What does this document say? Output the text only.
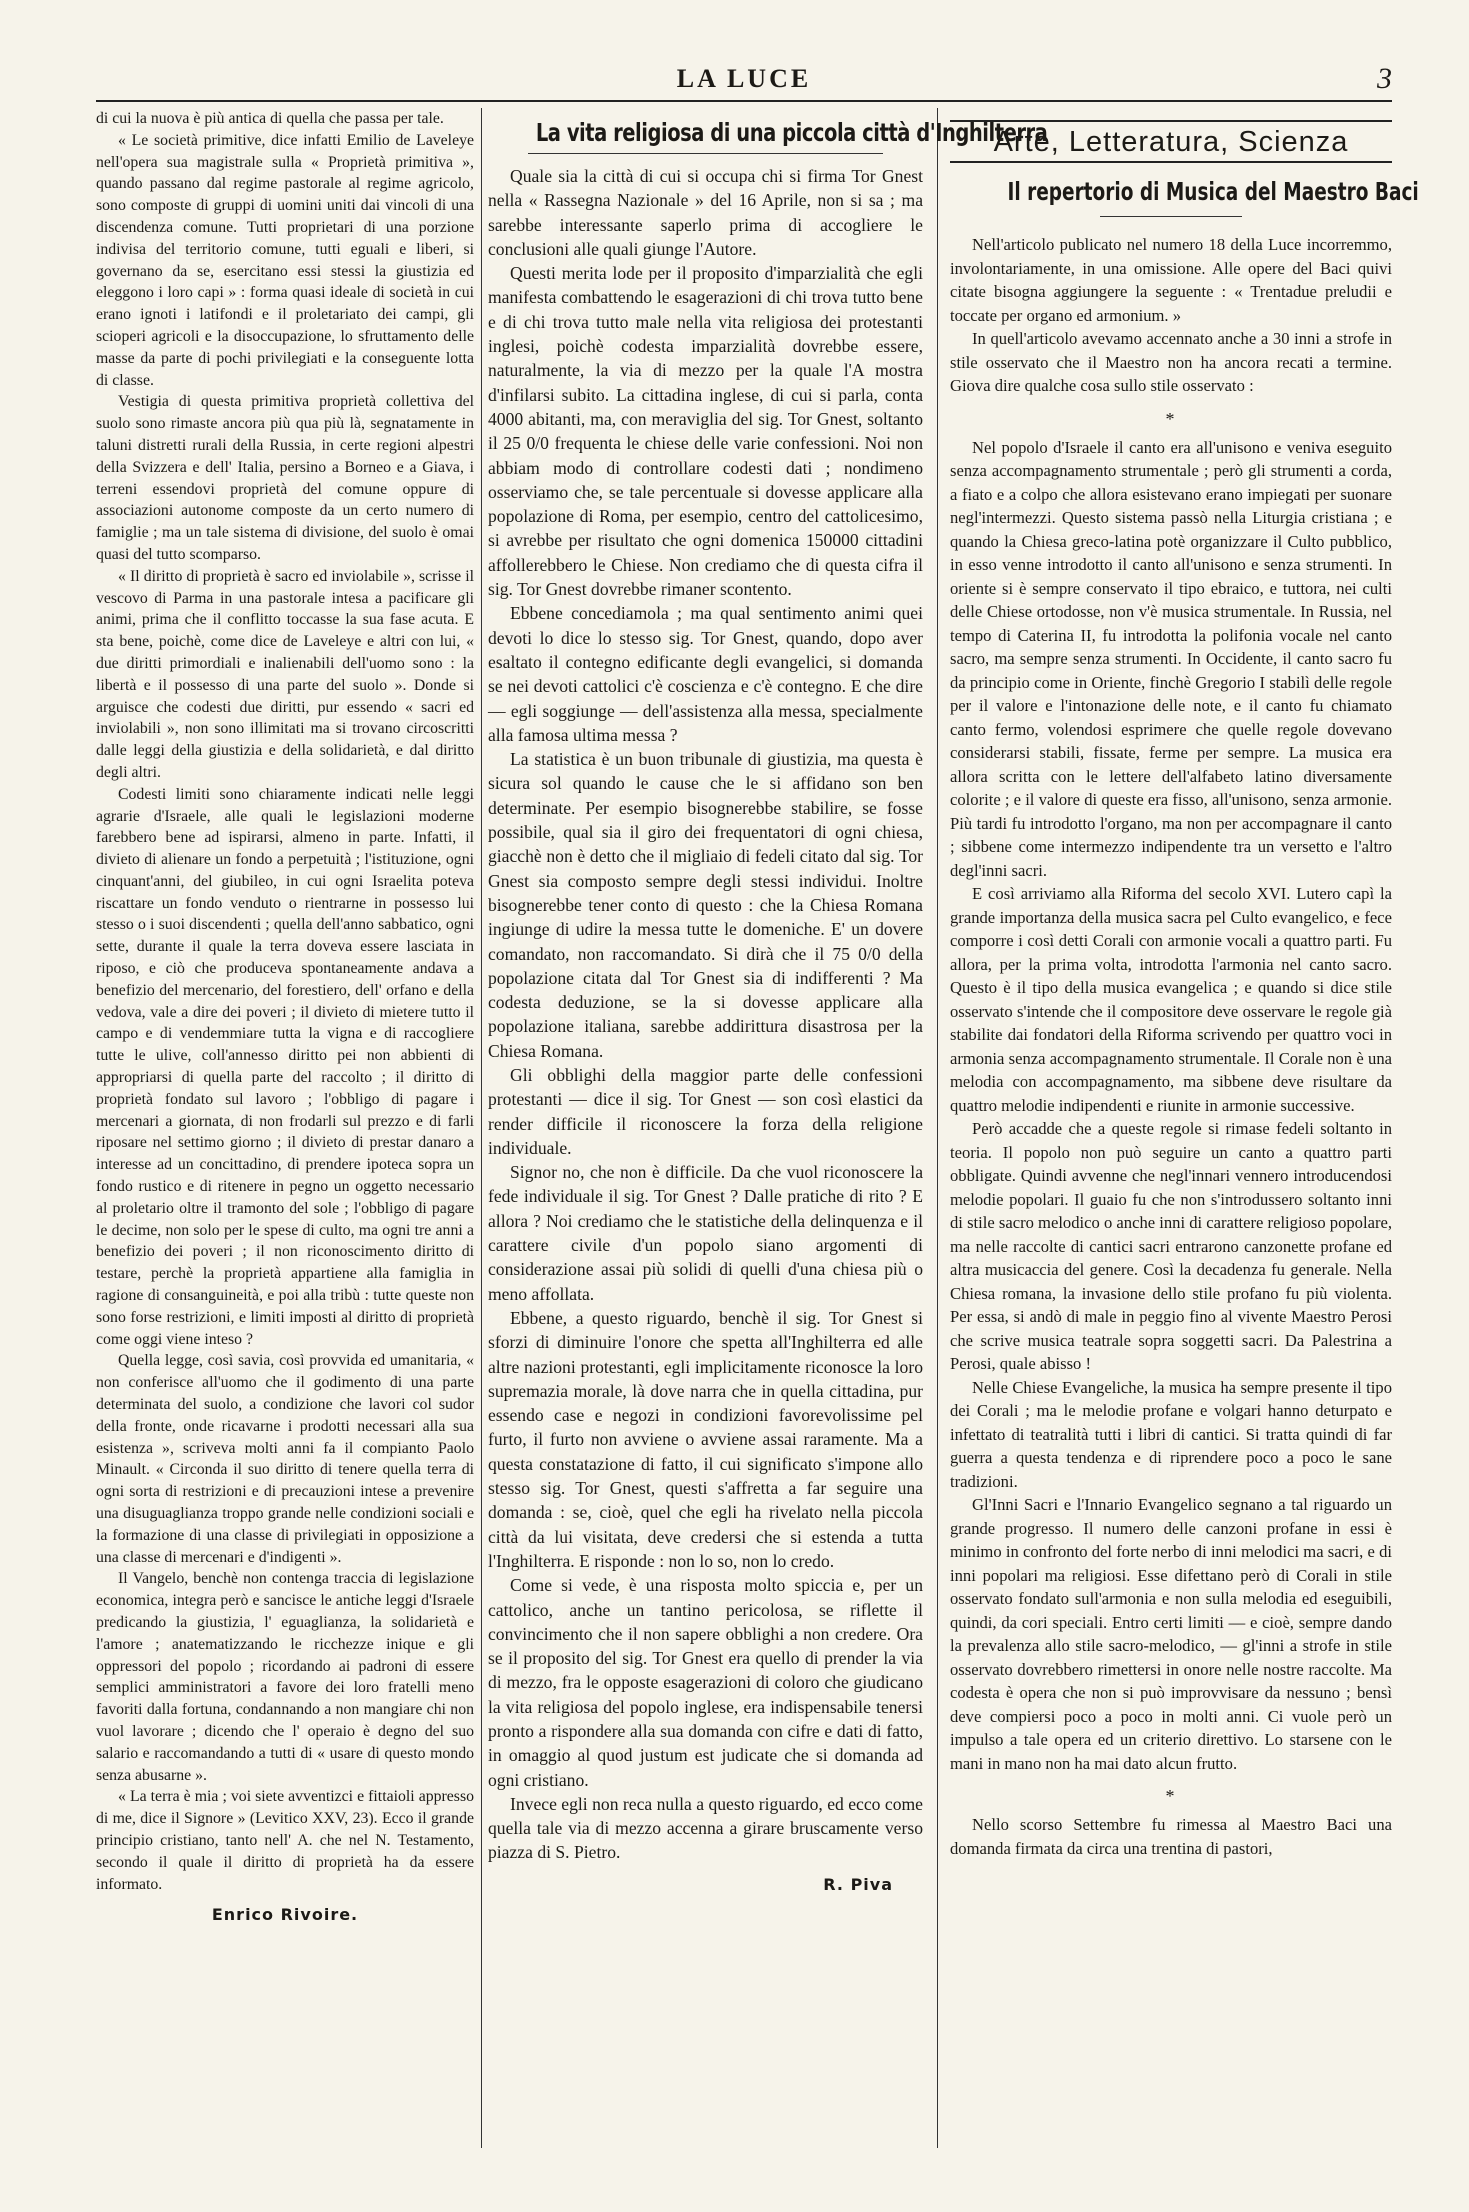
LA LUCE	3

di cui la nuova è più antica di quella che passa per tale.

« Le società primitive, dice infatti Emilio de Laveleye nell'opera sua magistrale sulla « Proprietà primitiva », quando passano dal regime pastorale al regime agricolo, sono composte di gruppi di uomini uniti dai vincoli di una discendenza comune. Tutti proprietari di una porzione indivisa del territorio comune, tutti eguali e liberi, si governano da se, esercitano essi stessi la giustizia ed eleggono i loro capi » : forma quasi ideale di società in cui erano ignoti i latifondi e il proletariato dei campi, gli scioperi agricoli e la disoccupazione, lo sfruttamento delle masse da parte di pochi privilegiati e la conseguente lotta di classe.

Vestigia di questa primitiva proprietà collettiva del suolo sono rimaste ancora più qua più là, segnatamente in taluni distretti rurali della Russia, in certe regioni alpestri della Svizzera e dell' Italia, persino a Borneo e a Giava, i terreni essendovi proprietà del comune oppure di associazioni autonome composte da un certo numero di famiglie ; ma un tale sistema di divisione, del suolo è omai quasi del tutto scomparso.

« Il diritto di proprietà è sacro ed inviolabile », scrisse il vescovo di Parma in una pastorale intesa a pacificare gli animi, prima che il conflitto toccasse la sua fase acuta. E sta bene, poichè, come dice de Laveleye e altri con lui, « due diritti primordiali e inalienabili dell'uomo sono : la libertà e il possesso di una parte del suolo ». Donde si arguisce che codesti due diritti, pur essendo « sacri ed inviolabili », non sono illimitati ma si trovano circoscritti dalle leggi della giustizia e della solidarietà, e dal diritto degli altri.

Codesti limiti sono chiaramente indicati nelle leggi agrarie d'Israele, alle quali le legislazioni moderne farebbero bene ad ispirarsi, almeno in parte. Infatti, il divieto di alienare un fondo a perpetuità ; l'istituzione, ogni cinquant'anni, del giubileo, in cui ogni Israelita poteva riscattare un fondo venduto o rientrarne in possesso lui stesso o i suoi discendenti ; quella dell'anno sabbatico, ogni sette, durante il quale la terra doveva essere lasciata in riposo, e ciò che produceva spontaneamente andava a benefizio del mercenario, del forestiero, dell' orfano e della vedova, vale a dire dei poveri ; il divieto di mietere tutto il campo e di vendemmiare tutta la vigna e di raccogliere tutte le ulive, coll'annesso diritto pei non abbienti di appropriarsi di quella parte del raccolto ; il diritto di proprietà fondato sul lavoro ; l'obbligo di pagare i mercenari a giornata, di non frodarli sul prezzo e di farli riposare nel settimo giorno ; il divieto di prestar danaro a interesse ad un concittadino, di prendere ipoteca sopra un fondo rustico e di ritenere in pegno un oggetto necessario al proletario oltre il tramonto del sole ; l'obbligo di pagare le decime, non solo per le spese di culto, ma ogni tre anni a benefizio dei poveri ; il non riconoscimento diritto di testare, perchè la proprietà appartiene alla famiglia in ragione di consanguineità, e poi alla tribù : tutte queste non sono forse restrizioni, e limiti imposti al diritto di proprietà come oggi viene inteso ?

Quella legge, così savia, così provvida ed umanitaria, « non conferisce all'uomo che il godimento di una parte determinata del suolo, a condizione che lavori col sudor della fronte, onde ricavarne i prodotti necessari alla sua esistenza », scriveva molti anni fa il compianto Paolo Minault. « Circonda il suo diritto di tenere quella terra di ogni sorta di restrizioni e di precauzioni intese a prevenire una disuguaglianza troppo grande nelle condizioni sociali e la formazione di una classe di privilegiati in opposizione a una classe di mercenari e d'indigenti ».

Il Vangelo, benchè non contenga traccia di legislazione economica, integra però e sancisce le antiche leggi d'Israele predicando la giustizia, l' eguaglianza, la solidarietà e l'amore ; anatematizzando le ricchezze inique e gli oppressori del popolo ; ricordando ai padroni di essere semplici amministratori a favore dei loro fratelli meno favoriti dalla fortuna, condannando a non mangiare chi non vuol lavorare ; dicendo che l' operaio è degno del suo salario e raccomandando a tutti di « usare di questo mondo senza abusarne ».

« La terra è mia ; voi siete avventizci e fittaioli appresso di me, dice il Signore » (Levitico XXV, 23). Ecco il grande principio cristiano, tanto nell' A. che nel N. Testamento, secondo il quale il diritto di proprietà ha da essere informato.

Enrico Rivoire.
La vita religiosa di una piccola città d'Inghilterra

Quale sia la città di cui si occupa chi si firma Tor Gnest nella « Rassegna Nazionale » del 16 Aprile, non si sa ; ma sarebbe interessante saperlo prima di accogliere le conclusioni alle quali giunge l'Autore.

Questi merita lode per il proposito d'imparzialità che egli manifesta combattendo le esagerazioni di chi trova tutto bene e di chi trova tutto male nella vita religiosa dei protestanti inglesi, poichè codesta imparzialità dovrebbe essere, naturalmente, la via di mezzo per la quale l'A mostra d'infilarsi subito. La cittadina inglese, di cui si parla, conta 4000 abitanti, ma, con meraviglia del sig. Tor Gnest, soltanto il 25 0/0 frequenta le chiese delle varie confessioni. Noi non abbiam modo di controllare codesti dati ; nondimeno osserviamo che, se tale percentuale si dovesse applicare alla popolazione di Roma, per esempio, centro del cattolicesimo, si avrebbe per risultato che ogni domenica 150000 cittadini affollerebbero le Chiese. Non crediamo che di questa cifra il sig. Tor Gnest dovrebbe rimaner scontento.

Ebbene concediamola ; ma qual sentimento animi quei devoti lo dice lo stesso sig. Tor Gnest, quando, dopo aver esaltato il contegno edificante degli evangelici, si domanda se nei devoti cattolici c'è coscienza e c'è contegno. E che dire — egli soggiunge — dell'assistenza alla messa, specialmente alla famosa ultima messa ?

La statistica è un buon tribunale di giustizia, ma questa è sicura sol quando le cause che le si affidano son ben determinate. Per esempio bisognerebbe stabilire, se fosse possibile, qual sia il giro dei frequentatori di ogni chiesa, giacchè non è detto che il migliaio di fedeli citato dal sig. Tor Gnest sia composto sempre degli stessi individui. Inoltre bisognerebbe tener conto di questo : che la Chiesa Romana ingiunge di udire la messa tutte le domeniche. E' un dovere comandato, non raccomandato. Si dirà che il 75 0/0 della popolazione citata dal Tor Gnest sia di indifferenti ? Ma codesta deduzione, se la si dovesse applicare alla popolazione italiana, sarebbe addirittura disastrosa per la Chiesa Romana.

Gli obblighi della maggior parte delle confessioni protestanti — dice il sig. Tor Gnest — son così elastici da render difficile il riconoscere la forza della religione individuale.

Signor no, che non è difficile. Da che vuol riconoscere la fede individuale il sig. Tor Gnest ? Dalle pratiche di rito ? E allora ? Noi crediamo che le statistiche della delinquenza e il carattere civile d'un popolo siano argomenti di considerazione assai più solidi di quelli d'una chiesa più o meno affollata.

Ebbene, a questo riguardo, benchè il sig. Tor Gnest si sforzi di diminuire l'onore che spetta all'Inghilterra ed alle altre nazioni protestanti, egli implicitamente riconosce la loro supremazia morale, là dove narra che in quella cittadina, pur essendo case e negozi in condizioni favorevolissime pel furto, il furto non avviene o avviene assai raramente. Ma a questa constatazione di fatto, il cui significato s'impone allo stesso sig. Tor Gnest, questi s'affretta a far seguire una domanda : se, cioè, quel che egli ha rivelato nella piccola città da lui visitata, deve credersi che si estenda a tutta l'Inghilterra. E risponde : non lo so, non lo credo.

Come si vede, è una risposta molto spiccia e, per un cattolico, anche un tantino pericolosa, se riflette il convincimento che il non sapere obblighi a non credere. Ora se il proposito del sig. Tor Gnest era quello di prender la via di mezzo, fra le opposte esagerazioni di coloro che giudicano la vita religiosa del popolo inglese, era indispensabile tenersi pronto a rispondere alla sua domanda con cifre e dati di fatto, in omaggio al quod justum est judicate che si domanda ad ogni cristiano.

Invece egli non reca nulla a questo riguardo, ed ecco come quella tale via di mezzo accenna a girare bruscamente verso piazza di S. Pietro.

R. Piva
Arte, Letteratura, Scienza
Il repertorio di Musica del Maestro Baci

Nell'articolo publicato nel numero 18 della Luce incorremmo, involontariamente, in una omissione. Alle opere del Baci quivi citate bisogna aggiungere la seguente : « Trentadue preludii e toccate per organo ed armonium. »

In quell'articolo avevamo accennato anche a 30 inni a strofe in stile osservato che il Maestro non ha ancora recati a termine. Giova dire qualche cosa sullo stile osservato :

*

Nel popolo d'Israele il canto era all'unisono e veniva eseguito senza accompagnamento strumentale ; però gli strumenti a corda, a fiato e a colpo che allora esistevano erano impiegati per suonare negl'intermezzi. Questo sistema passò nella Liturgia cristiana ; e quando la Chiesa greco-latina potè organizzare il Culto pubblico, in esso venne introdotto il canto all'unisono e senza strumenti. In oriente si è sempre conservato il tipo ebraico, e tuttora, nei culti delle Chiese ortodosse, non v'è musica strumentale. In Russia, nel tempo di Caterina II, fu introdotta la polifonia vocale nel canto sacro, ma sempre senza strumenti. In Occidente, il canto sacro fu da principio come in Oriente, finchè Gregorio I stabilì delle regole per il valore e l'intonazione delle note, e il canto fu chiamato canto fermo, volendosi esprimere che quelle regole dovevano considerarsi stabili, fissate, ferme per sempre. La musica era allora scritta con le lettere dell'alfabeto latino diversamente colorite ; e il valore di queste era fisso, all'unisono, senza armonie. Più tardi fu introdotto l'organo, ma non per accompagnare il canto ; sibbene come intermezzo indipendente tra un versetto e l'altro degl'inni sacri.

E così arriviamo alla Riforma del secolo XVI. Lutero capì la grande importanza della musica sacra pel Culto evangelico, e fece comporre i così detti Corali con armonie vocali a quattro parti. Fu allora, per la prima volta, introdotta l'armonia nel canto sacro. Questo è il tipo della musica evangelica ; e quando si dice stile osservato s'intende che il compositore deve osservare le regole già stabilite dai fondatori della Riforma scrivendo per quattro voci in armonia senza accompagnamento strumentale. Il Corale non è una melodia con accompagnamento, ma sibbene deve risultare da quattro melodie indipendenti e riunite in armonie successive.

Però accadde che a queste regole si rimase fedeli soltanto in teoria. Il popolo non può seguire un canto a quattro parti obbligate. Quindi avvenne che negl'innari vennero introducendosi melodie popolari. Il guaio fu che non s'introdussero soltanto inni di stile sacro melodico o anche inni di carattere religioso popolare, ma nelle raccolte di cantici sacri entrarono canzonette profane ed altra musicaccia del genere. Così la decadenza fu generale. Nella Chiesa romana, la invasione dello stile profano fu più violenta. Per essa, si andò di male in peggio fino al vivente Maestro Perosi che scrive musica teatrale sopra soggetti sacri. Da Palestrina a Perosi, quale abisso !

Nelle Chiese Evangeliche, la musica ha sempre presente il tipo dei Corali ; ma le melodie profane e volgari hanno deturpato e infettato di teatralità tutti i libri di cantici. Si tratta quindi di far guerra a questa tendenza e di riprendere poco a poco le sane tradizioni.

Gl'Inni Sacri e l'Innario Evangelico segnano a tal riguardo un grande progresso. Il numero delle canzoni profane in essi è minimo in confronto del forte nerbo di inni melodici ma sacri, e di inni popolari ma religiosi. Esse difettano però di Corali in stile osservato fondato sull'armonia e non sulla melodia ed eseguibili, quindi, da cori speciali. Entro certi limiti — e cioè, sempre dando la prevalenza allo stile sacro-melodico, — gl'inni a strofe in stile osservato dovrebbero rimettersi in onore nelle nostre raccolte. Ma codesta è opera che non si può improvvisare da nessuno ; bensì deve compiersi poco a poco in molti anni. Ci vuole però un impulso a tale opera ed un criterio direttivo. Lo starsene con le mani in mano non ha mai dato alcun frutto.

*

Nello scorso Settembre fu rimessa al Maestro Baci una domanda firmata da circa una trentina di pastori,
